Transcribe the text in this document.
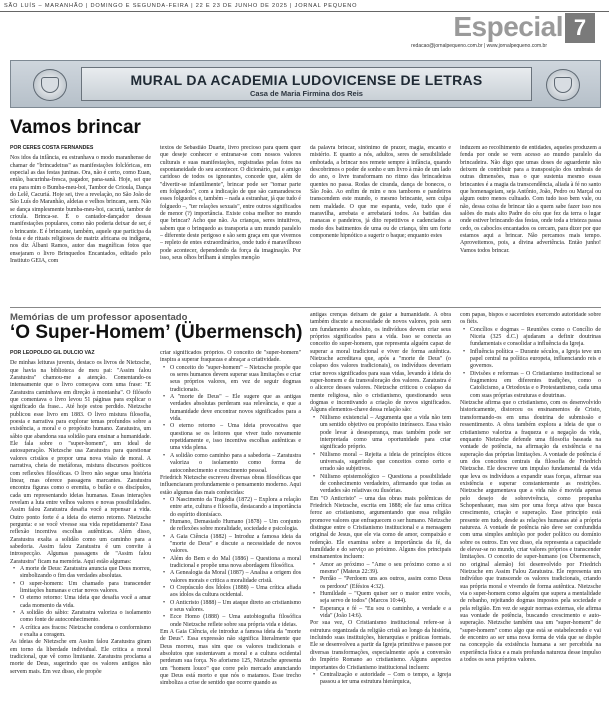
SÃO LUÍS – MARANHÃO | DOMINGO E SEGUNDA-FEIRA | 22 E 23 DE JUNHO DE 2025 | JORNAL PEQUENO
Especial 7
redacao@jornalpequeno.com.br | www.jornalpequeno.com.br
MURAL DA ACADEMIA LUDOVICENSE DE LETRAS
Casa de Maria Firmina dos Reis
Vamos brincar
POR CERES COSTA FERNANDES

Nos idos da infância, eu estranhava o modo maranhense de chamar de "brincadeiras" as manifestações folclóricas, em especial as das festas juninas. Ora, não é certo, como Euan, então, bacurinha-fresca, pagador, pana-sanã. Hoje, sei que era para mim o Bumba-meu-boi, Tambor de Crioula, Dança do Lelê, Cacuriá. Hoje sei, tive a revelação, no São João de São Luís do Maranhão, aldeias e velhos brincam, sem. Não se dança simplesmente bumba-meu-boi, cacuriá, tambor de crioula. Brinca-se. É o cantador-dançador dessas manifestações populares, como não poderia deixar de ser, é o brincante. E é brincante, também, aquele que participa da festa e de rituais religiosos de matriz africana ou indígena, nos diz Álbani Ramos, autor das magníficas fotos que ensejaram o livro Brinquedos Encantados, editado pelo Instituto GEIA, com

textos de Sebastião Duarte, livro precioso para quem quer que deseje conhecer e entranar-se com nossos valores culturais e suas manifestações, registradas pelas fotos na espontaneidade do seu acontecer. O dicionário, pai e amigo caridoso de todos os ignorantes, concede que, além de "divertir-se infantilmente", brincar pode ser "tomar parte em folguedos", com a indicação de que são camaradescos esses folguedos e, também – nada a estranhar, já que tudo é folguedo –, "ter relações sexuais", entre outros significados de menor (?) importância. Existe coisa melhor no mundo que brincar? Acho que não. As crianças, seres intuitivos, sabem que o brinquedo as transporta a um mundo paralelo – diferente deste perigoso e são sem graça em que vivemos – repleto de entes extraordinários, onde tudo é maravilhoso pode acontecer, dependendo da força da imaginação. Por isso, seus olhos brilham à simples menção

da palavra brincar, sinônimo de prazer, magia, encanto e mistério. E quanto a nós, adultos, seres de sensibilidade embotada, a brincar nos remete sempre à infância, quando descobrimos o poder de sonho e um livro à mão de um lado do ano, o livre transformam no ritmo das brincadeiras quentes no passa. Rodas de ciranda, dança de bonecos, o São João. Ao enfim de mim e nos tambores e pandeiros transcendem este mundo, o mesmo brincante, sem culpa nem maldade. O que me espanta, vede, tudo que é maravilha, arrebata e arrebatará todos. As batidas das manacas e pandeiros, já dito repetitivos e cadenciados a modo dos batimentos de uma ou de criança, têm um forte componente hipnótico a sugerir o baque; enquanto estes

induzem ao recolhimento de entidades, aqueles produzem a fenda por onde se vem acesso ao mundo paralelo da brincadeira. Não digo que umas doses de aguardente não deixem de contribuir para a transposição dos umbrais de outras dimensões, mas o que sustenta mesmo essas brincantes é a magia da transcendência, aliada à fé no santo que homenageiam, seja Antônio, João, Pedro ou Marçal ou algum outro menos cultuado. Com tudo isso bem vale, ou não, dessa coisa de brincar tão a quem sabe fazer isso nos salões do mais alto Padre do céu que fez da terra o lugar onde estiver brincando das festas, onde toda a tristeza passa cedo, os caboclos encantados os cercam, para dizer por que estamos aqui a brincar. Não percamos mais tempo. Aproveitemos, pois, a divina advertência. Então junho! Vamos todos brincar.

Memórias de um professor aposentado
‘O Super-Homem’ (Übermensch)
POR LEOPOLDO GIL DULCIO VAZ

De minhas leituras juvenis, destaco os livros de Nietzsche, que havia na biblioteca de meu pai: "Assim falou Zaratustra" chamou-me a atenção. Comentando-os intensamente que o livro começava com uma frase: "E Zaratustra caminhava em direção à montanha". O filósofo que comentava o livro levou 51 páginas para explicar o significado da frase... Até hoje estou perdido. Nietzsche publicou esse livro em 1883. O livro mistura filosofia, poesia e narrativa para explorar temas profundos sobre a existência, a moral e o propósito humano. Zaratustra, um sábio que abandona sua solidão para ensinar a humanidade. Ele fala sobre o "super-homem", um ideal de autosuperação. Nietzsche usa Zaratustra para questionar valores cristãos e propor uma nova visão de moral. A narrativa, cheia de metáforas, mistura discursos poéticos com reflexões filosóficas. O livro não segue uma história linear, mas oferece passagens marcantes. Zaratustra encontra figuras como o eremita, o bufão e os discípulos, cada um representando ideias humanas. Essas interações revelam a luta entre velhos valores e novas possibilidades. Assim falou Zaratustra desafia você a repensar a vida. Outro ponto forte é a ideia do eterno retorno. Nietzsche pergunta: e se você vivesse sua vida repetidamente? Essa reflexão incentiva escolhas autênticas. Além disso, Zaratustra exalta a solidão como um caminho para a sabedoria. Assim falou Zaratustra é um convite à introspecção. Algumas passagens de "Assim falou Zaratustra" ficam na memória. Aqui estão algumas:

• A morte de Deus: Zaratustra anuncia que Deus morreu, simbolizando o fim das verdades absolutas.
• O super-homem: Um chamado para transcender limitações humanas e criar novos valores.
• O eterno retorno: Uma ideia que desafia você a amar cada momento da vida.
• A solidão do sábio: Zaratustra valoriza o isolamento como fonte de autoconhecimento.
• A crítica aos fracos: Nietzsche condena o conformismo e exalta a coragem.

As ideias de Nietzsche em Assim falou Zaratustra giram em torno da liberdade individual. Ele critica a moral tradicional, que vê como limitante. Zaratustra proclama a morte de Deus, sugerindo que os valores antigos não servem mais. Em vez disso, ele propõe

criar significados próprios. O conceito de "super-homem" inspira a superar fraquezas e abraçar a criatividade.

• O conceito do "super-homem" – Nietzsche propõe que os seres humanos devem superar suas limitações e criar seus próprios valores, em vez de seguir dogmas tradicionais.
• A "morte de Deus" – Ele sugere que as antigas verdades absolutas perderam sua relevância, e que a humanidade deve encontrar novos significados para a vida.
• O eterno retorno – Uma ideia provocativa que questiona se os leitores que viver tudo novamente repetidamente e, isso incentiva escolhas autênticas e uma vida plena.
• A solidão como caminho para a sabedoria – Zaratustra valoriza o isolamento como forma de autoconhecimento e crescimento pessoal.

Friedrich Nietzsche escreveu diversas obras filosóficas que influenciaram profundamente o pensamento moderno. Aqui estão algumas das mais conhecidas:

• O Nascimento da Tragédia (1872) – Explora a relação entre arte, cultura e filosofia, destacando a importância do espírito dionisíaco.
• Humano, Demasiado Humano (1878) – Um conjunto de reflexões sobre moralidade, sociedade e psicologia.
• A Gaia Ciência (1882) – Introduz a famosa ideia da "morte de Deus" e discute a necessidade de novos valores.
• Além do Bem e do Mal (1886) – Questiona a moral tradicional e propõe uma nova abordagem filosófica.
• A Genealogia da Moral (1887) – Analisa a origem dos valores morais e critica a moralidade cristã.
• O Crepúsculo dos Ídolos (1888) – Uma crítica afiada aos ídolos da cultura ocidental.
• O Anticristo (1888) – Um ataque direto ao cristianismo e seus valores.
• Ecce Homo (1888) – Uma autobiografia filosófica onde Nietzsche reflete sobre sua própria vida e ideias.

Em A Gaia Ciência, ele introduz a famosa ideia da "morte de Deus". Essa expressão não significa literalmente que Deus morreu, mas sim que os valores tradicionais e absolutos que sustentavam a moral e a cultura ocidental perderam sua força. No aforismo 125, Nietzsche apresenta um "homem louco" que corre pelo mercado anunciando que Deus está morto e que nós o matamos. Esse trecho simboliza a crise de sentido que ocorre quando as

antigas crenças deixam de guiar a humanidade. A obra também discute a necessidade de novos valores, pois sem um fundamento absoluto, os indivíduos devem criar seus próprios significados para a vida. Isso se conecta ao conceito do super-homem, que representa alguém capaz de superar a moral tradicional e viver de forma autêntica. Nietzsche acreditava que, após a "morte de Deus" (o colapso dos valores tradicionais), os indivíduos deveriam criar novos significados para suas vidas, levando à ideia do super-homem e da transvaloração dos valores. Zaratustra é o alicerce desses valores. Nietzsche criticou o colapso da mente religiosa, não o cristianismo, questionando seus dogmas e incentivando a criação de novos significados. Alguns elementos-chave dessa relação são:

• Niilismo existencial – Argumenta que a vida não tem um sentido objetivo ou propósito intrínseco. Essa visão pode levar à desesperança, mas também pode ser interpretada como uma oportunidade para criar significado próprio.
• Niilismo moral – Rejeita a ideia de princípios éticos universais, sugerindo que conceitos como certo e errado são subjetivos.
• Niilismo epistemológico – Questiona a possibilidade de conhecimento verdadeiro, afirmando que todas as verdades são relativas ou ilusórias.

Em "O Anticristo" – uma das obras mais polêmicas de Friedrich Nietzsche, escrita em 1888; ele faz uma crítica feroz ao cristianismo, argumentando que essa religião promove valores que enfraquecem o ser humano. Nietzsche distingue entre o Cristianismo institucional e a mensagem original de Jesus, que ele via como de amor, compaixão e redenção. Ele examina sobre a importância da fé, da humildade e do serviço ao próximo. Alguns dos principais ensinamentos incluem:

• Amor ao próximo – "Ame o seu próximo como a si mesmo" (Mateus 22:39).
• Perdão – "Perdoem uns aos outros, assim como Deus os perdoou" (Efésios 4:32).
• Humildade – "Quem quiser ser o maior entre vocês, seja servo de todos" (Marcos 10:44).
• Esperança e fé – "Eu sou o caminho, a verdade e a vida" (João 14:6).

Por sua vez, O Cristianismo institucional refere-se à estrutura organizada da religião cristã ao longo da história, incluindo suas instituições, hierarquias e práticas formais. Ele se desenvolveu a partir da Igreja primitiva e passou por diversas transformações, especialmente após a conversão do Império Romano ao cristianismo. Alguns aspectos importantes do Cristianismo institucional incluem:

• Centralização e autoridade – Com o tempo, a Igreja passou a ter uma estrutura hierárquica,

com papas, bispos e sacerdotes exercendo autoridade sobre os fiéis.

• Concílios e dogmas – Reuniões como o Concílio de Niceia (325 d.C.) ajudaram a definir doutrinas fundamentais e consolidar a influência da Igreja.
• Influência política – Durante séculos, a Igreja teve um papel central na política europeia, influenciando reis e governos.
• Divisões e reformas – O Cristianismo institucional se fragmentou em diferentes tradições, como o Catolicismo, a Ortodoxia e o Protestantismo, cada uma com suas próprias estruturas e doutrinas.

Nietzsche afirma que o cristianismo, com os desenvolvido historicamente, distorceu os ensinamentos de Cristo, transformando-os em uma doutrina de submissão e ressentimento. A obra também explora a ideia de que o cristianismo valoriza a fraqueza e a negação da vida, enquanto Nietzsche defende uma filosofia baseada na vontade de potência, na afirmação da existência e na superação das próprias limitações. A vontade de potência é um dos conceitos centrais da filosofia de Friedrich Nietzsche. Ele descreve um impulso fundamental da vida que leva os indivíduos a expandir suas forças, afirmar sua existência e superar constantemente as restrições. Nietzsche argumentava que a vida não é movida apenas pelo desejo de sobrevivência, como propunha Schopenhauer, mas sim por uma força ativa que busca crescimento, criação e superação. Esse princípio está presente em tudo, desde as relações humanas até a própria natureza. A vontade de potência não deve ser confundida com uma simples ambição por poder político ou domínio sobre os outros. Em vez disso, ela representa a capacidade de elevar-se no mundo, criar valores próprios e transcender limitações. O conceito de super-humano (ou Übermensch, no original alemão) foi desenvolvido por Friedrich Nietzsche em Assim Falou Zaratustra. Ele representa um indivíduo que transcende os valores tradicionais, criando sua própria moral e vivendo de forma autêntica. Nietzsche via o super-homem como alguém que supera a mentalidade de rebanho, rejeitando dogmas impostos pela sociedade e pela religião. Em vez de seguir normas externas, ele afirma sua vontade de potência, buscando crescimento e auto-superação. Nietzsche também usa um "super-homem" de "super-homem" como algo que está se estabelecendo e vai de encontro ao ser uma nova forma de vida que se dispõe na concepção da existência humana a ser percebida na experiência física e a mais profunda natureza desse impulso a todos os seus próprios valores.
